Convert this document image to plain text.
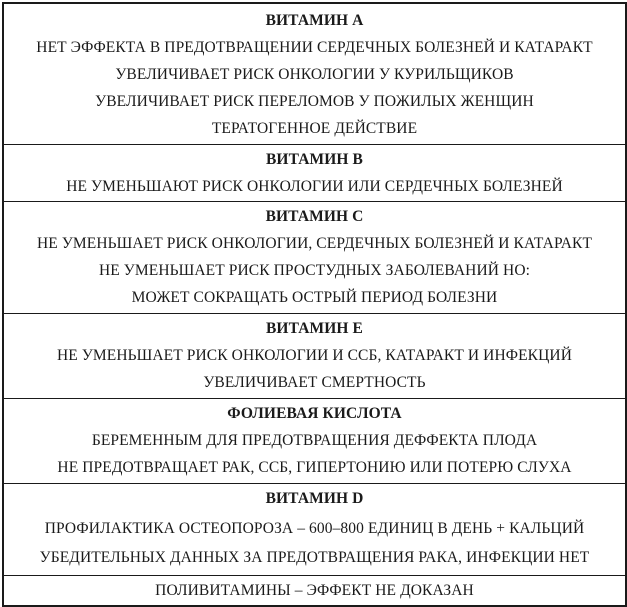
ВИТАМИН А
НЕТ ЭФФЕКТА В ПРЕДОТВРАЩЕНИИ СЕРДЕЧНЫХ БОЛЕЗНЕЙ И КАТАРАКТ
УВЕЛИЧИВАЕТ РИСК ОНКОЛОГИИ У КУРИЛЬЩИКОВ
УВЕЛИЧИВАЕТ РИСК ПЕРЕЛОМОВ У ПОЖИЛЫХ ЖЕНЩИН
ТЕРАТОГЕННОЕ ДЕЙСТВИЕ
ВИТАМИН B
НЕ УМЕНЬШАЮТ РИСК ОНКОЛОГИИ ИЛИ СЕРДЕЧНЫХ БОЛЕЗНЕЙ
ВИТАМИН C
НЕ УМЕНЬШАЕТ РИСК ОНКОЛОГИИ, СЕРДЕЧНЫХ БОЛЕЗНЕЙ И КАТАРАКТ
НЕ УМЕНЬШАЕТ РИСК ПРОСТУДНЫХ ЗАБОЛЕВАНИЙ НО:
МОЖЕТ СОКРАЩАТЬ ОСТРЫЙ ПЕРИОД БОЛЕЗНИ
ВИТАМИН E
НЕ УМЕНЬШАЕТ РИСК ОНКОЛОГИИ И ССБ, КАТАРАКТ И ИНФЕКЦИЙ
УВЕЛИЧИВАЕТ СМЕРТНОСТЬ
ФОЛИЕВАЯ КИСЛОТА
БЕРЕМЕННЫМ ДЛЯ ПРЕДОТВРАЩЕНИЯ ДЕФФЕКТА ПЛОДА
НЕ ПРЕДОТВРАЩАЕТ РАК, ССБ, ГИПЕРТОНИЮ ИЛИ ПОТЕРЮ СЛУХА
ВИТАМИН D
ПРОФИЛАКТИКА ОСТЕОПОРОЗА – 600–800 ЕДИНИЦ В ДЕНЬ + КАЛЬЦИЙ
УБЕДИТЕЛЬНЫХ ДАННЫХ ЗА ПРЕДОТВРАЩЕНИЯ РАКА, ИНФЕКЦИИ НЕТ
ПОЛИВИТАМИНЫ – ЭФФЕКТ НЕ ДОКАЗАН
